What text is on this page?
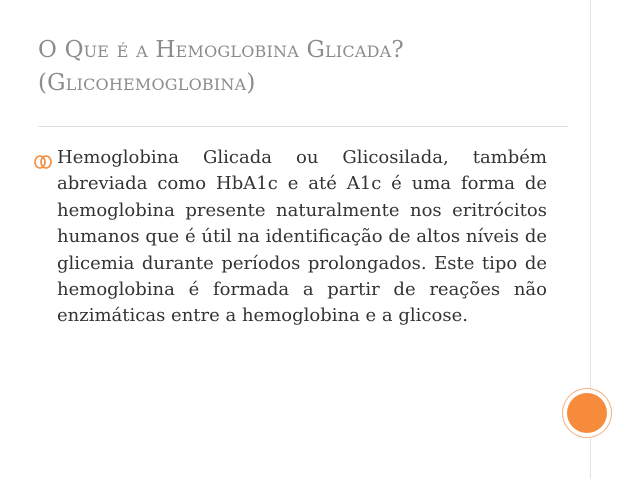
O Que é a Hemoglobina Glicada?
(Glicohemoglobina)
Hemoglobina Glicada ou Glicosilada, também abreviada como HbA1c e até A1c é uma forma de hemoglobina presente naturalmente nos eritrócitos humanos que é útil na identificação de altos níveis de glicemia durante períodos prolongados. Este tipo de hemoglobina é formada a partir de reações não enzimáticas entre a hemoglobina e a glicose.
